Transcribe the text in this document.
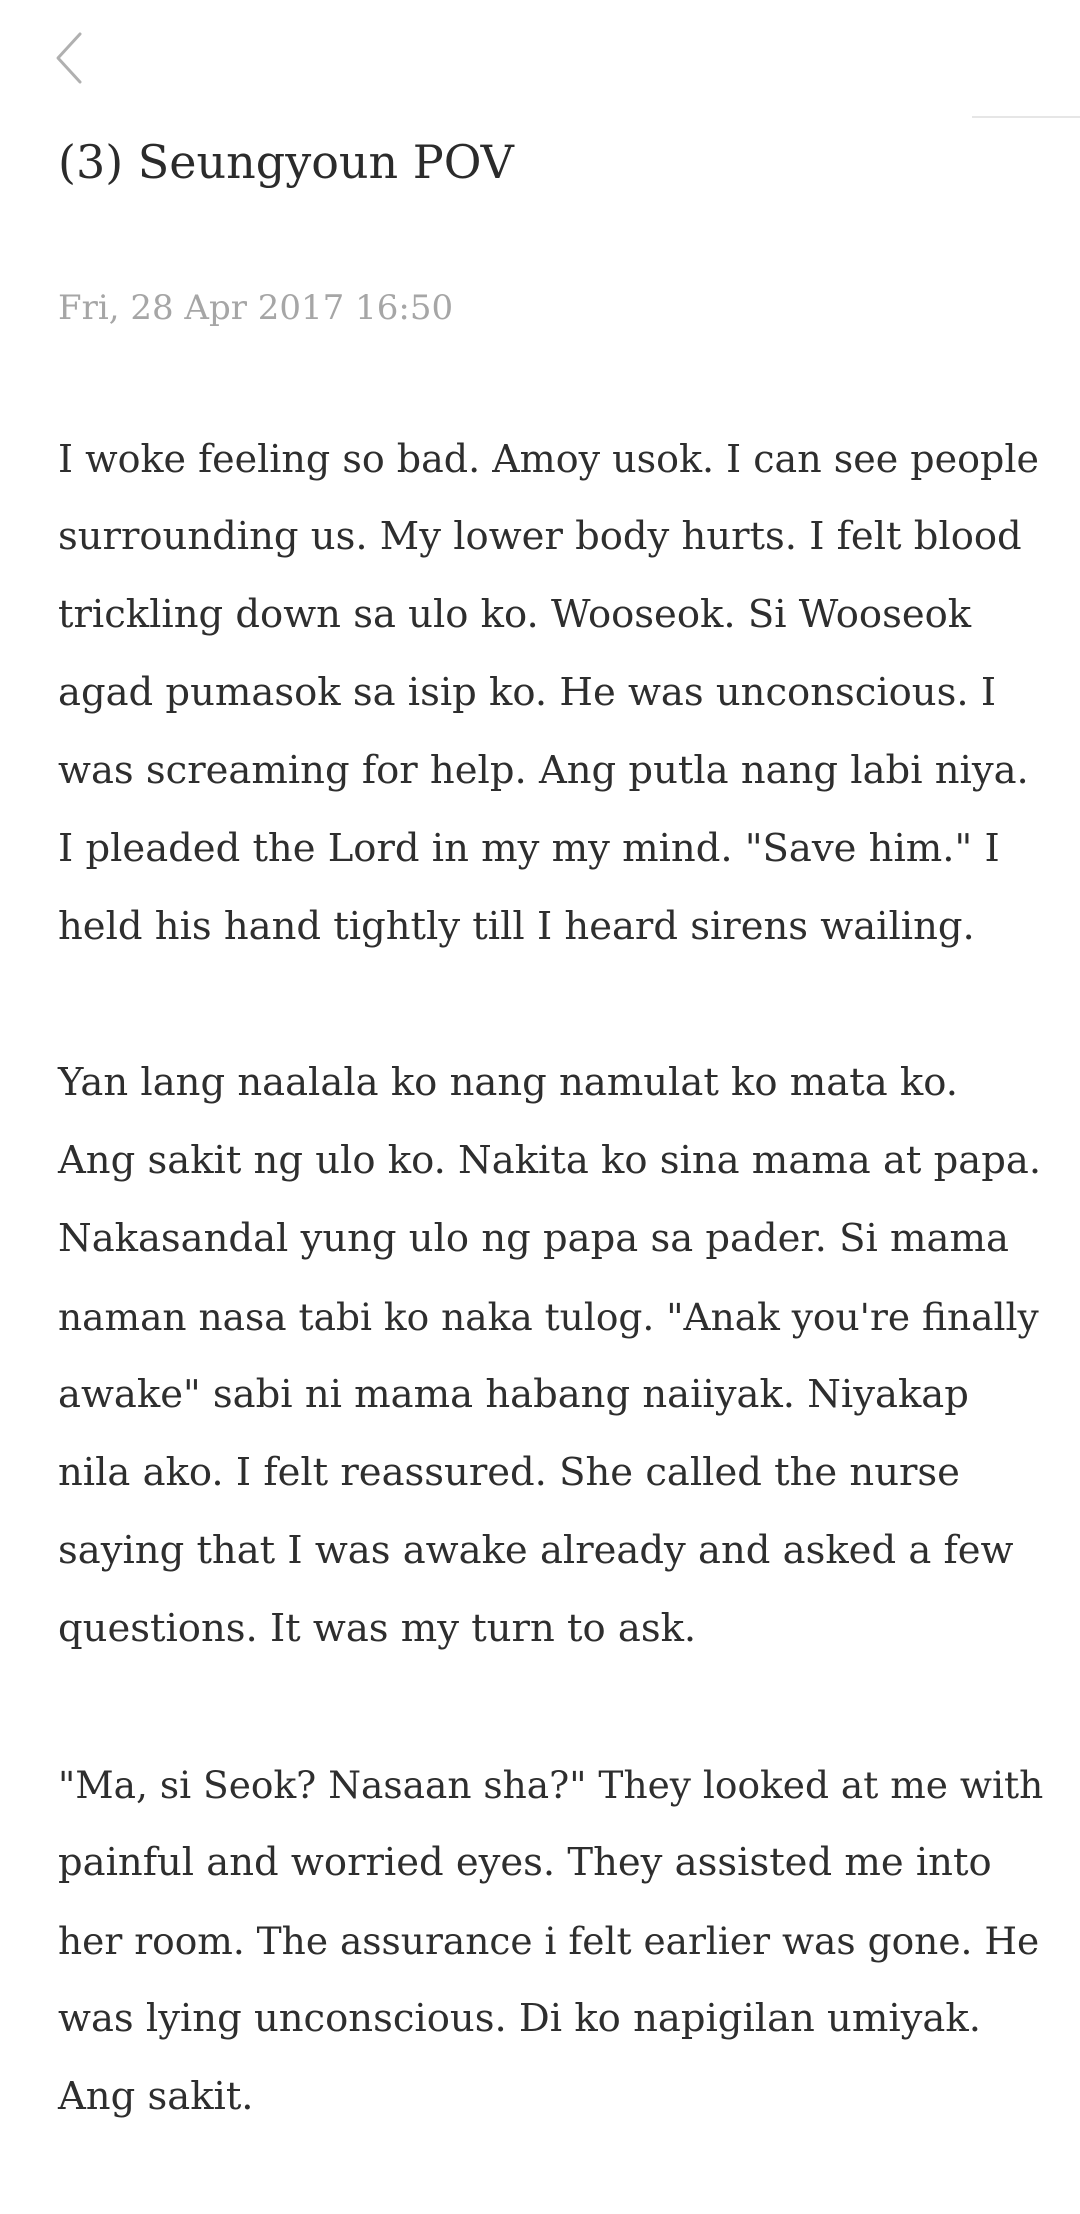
(3) Seungyoun POV
Fri, 28 Apr 2017 16:50

I woke feeling so bad. Amoy usok. I can see people
surrounding us. My lower body hurts. I felt blood
trickling down sa ulo ko. Wooseok. Si Wooseok
agad pumasok sa isip ko. He was unconscious. I
was screaming for help. Ang putla nang labi niya.
I pleaded the Lord in my my mind. "Save him." I
held his hand tightly till I heard sirens wailing.

Yan lang naalala ko nang namulat ko mata ko.
Ang sakit ng ulo ko. Nakita ko sina mama at papa.
Nakasandal yung ulo ng papa sa pader. Si mama
naman nasa tabi ko naka tulog. "Anak you're finally
awake" sabi ni mama habang naiiyak. Niyakap
nila ako. I felt reassured. She called the nurse
saying that I was awake already and asked a few
questions. It was my turn to ask.

"Ma, si Seok? Nasaan sha?" They looked at me with
painful and worried eyes. They assisted me into
her room. The assurance i felt earlier was gone. He
was lying unconscious. Di ko napigilan umiyak.
Ang sakit.
